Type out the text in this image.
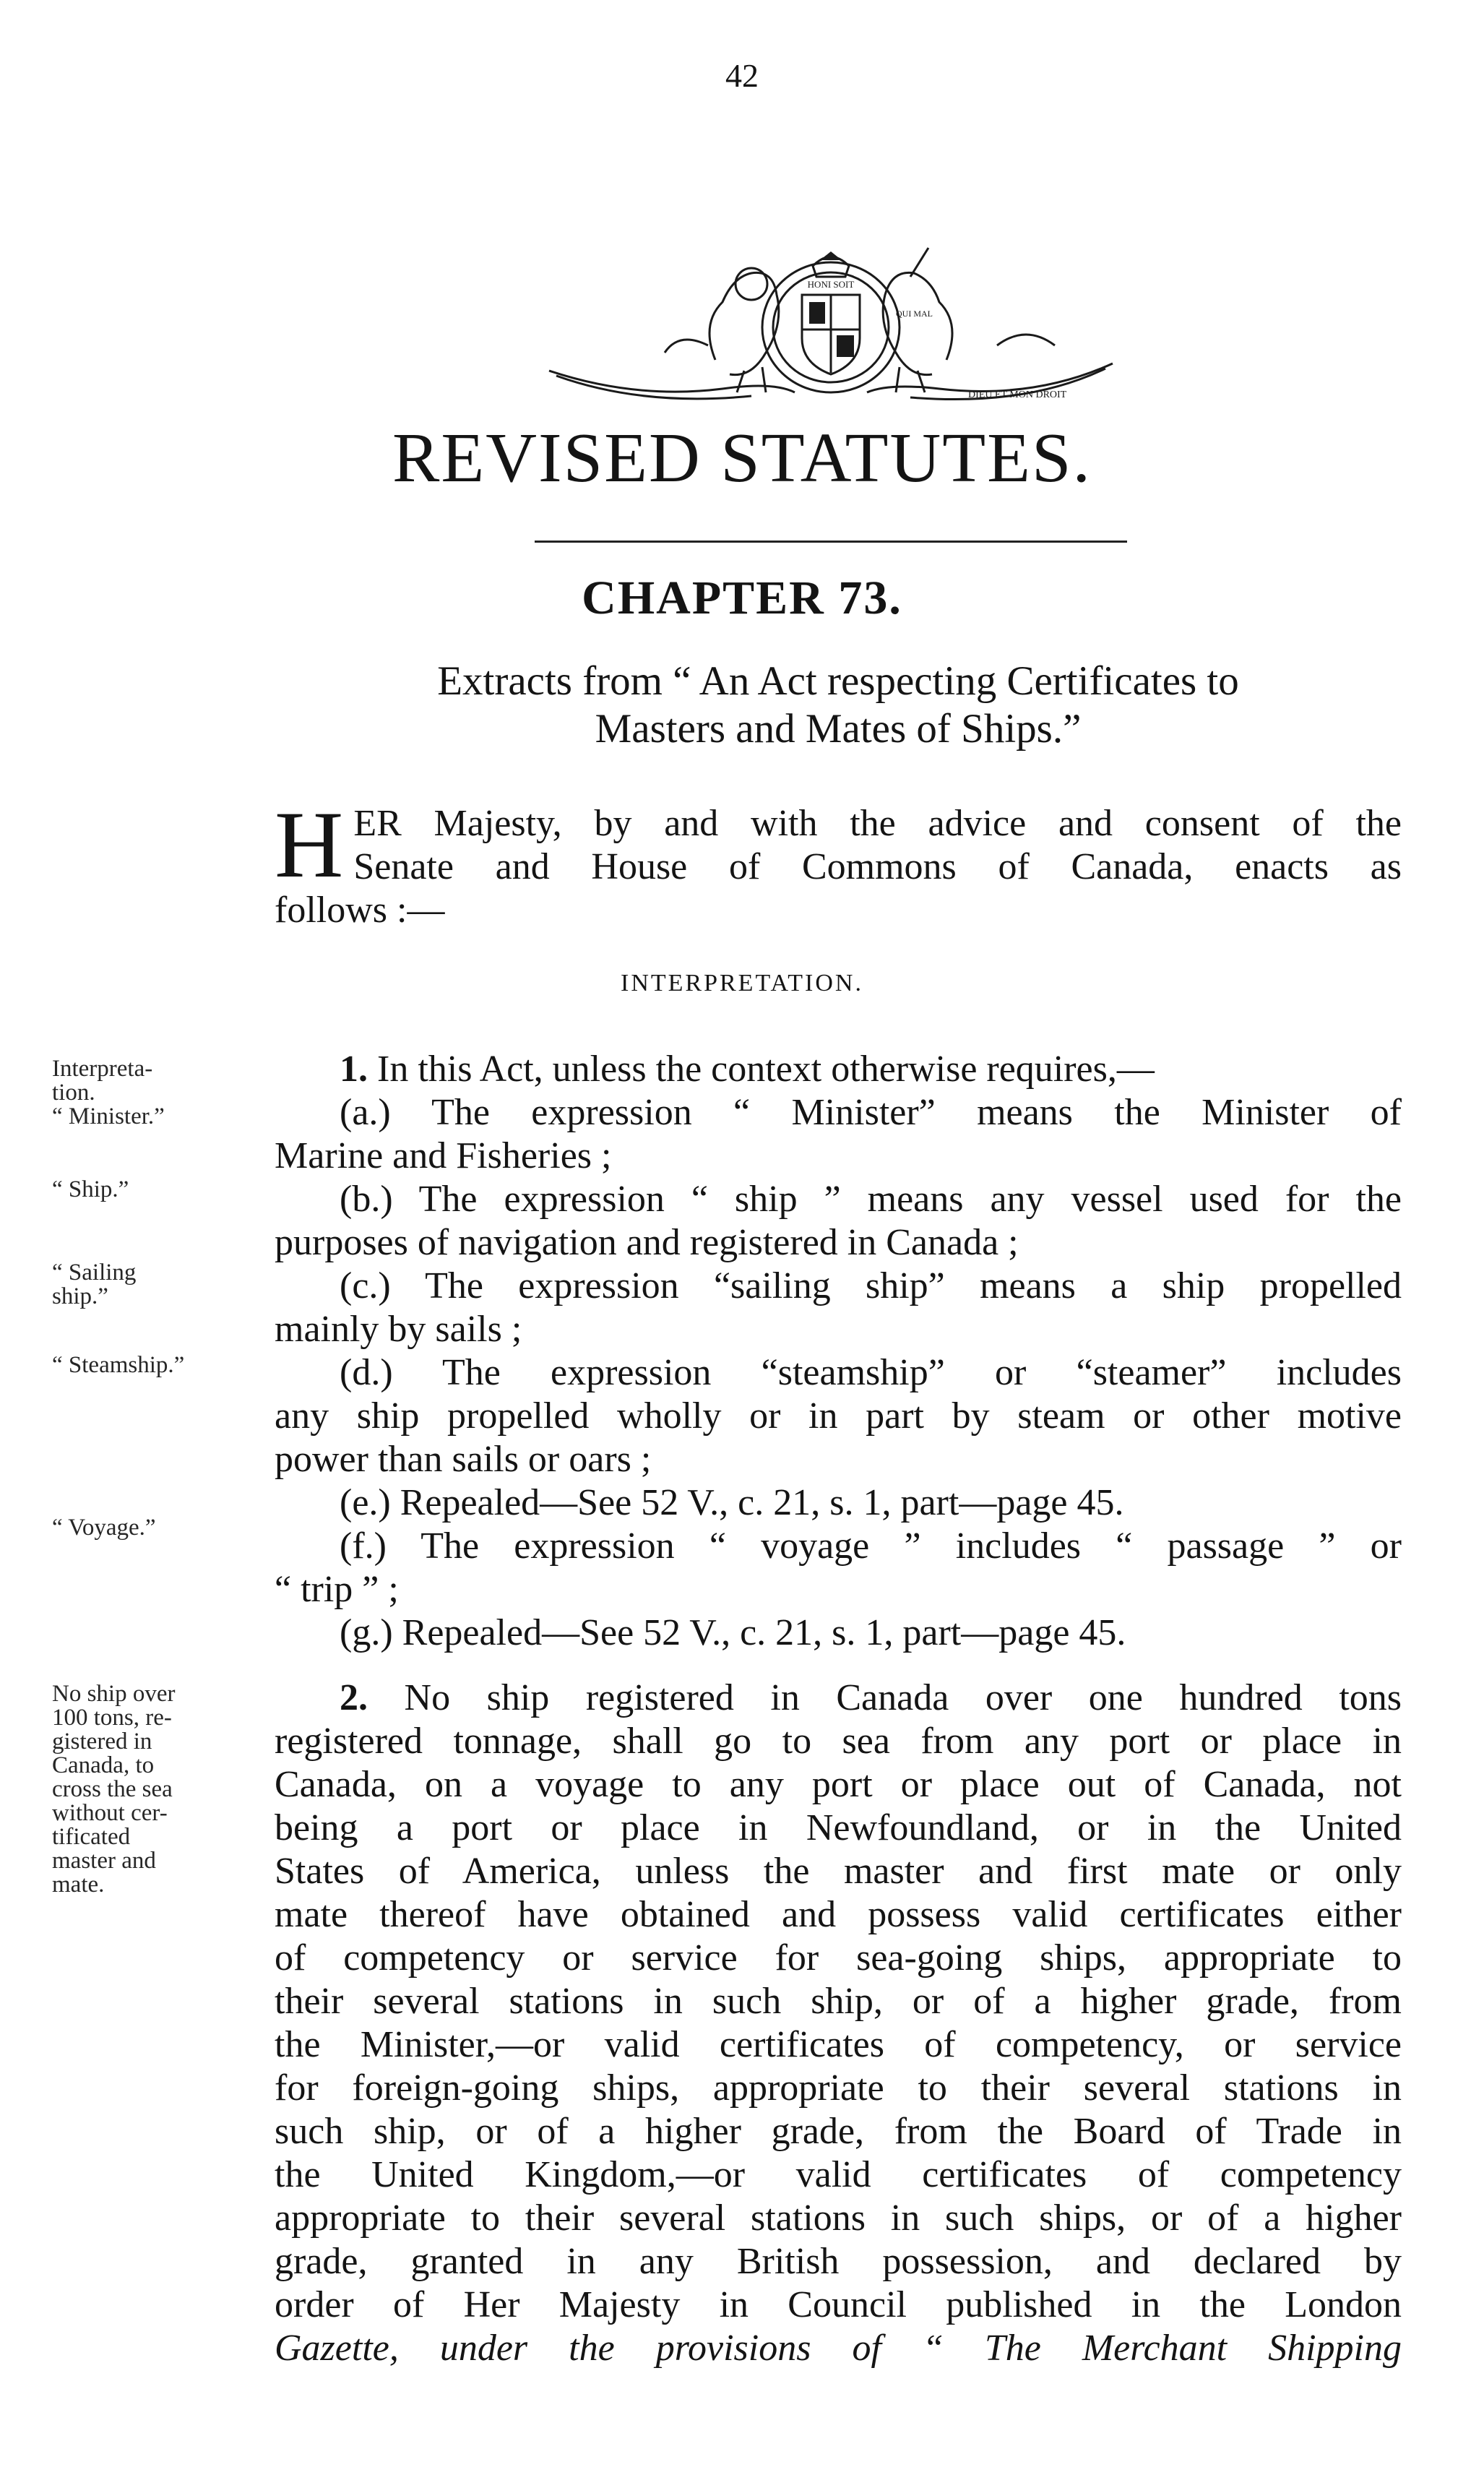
42
HONI SOIT
QUI MAL
DIEU ET MON DROIT
REVISED STATUTES.
CHAPTER 73.
Extracts from “ An Act respecting Certificates to
Masters and Mates of Ships.”
H ER Majesty, by and with the advice and consent of the
Senate and House of Commons of Canada, enacts as
follows :—
INTERPRETATION.
Interpreta-
tion.
“ Minister.”
“ Ship.”
“ Sailing
ship.”
“ Steamship.”
“ Voyage.”
No ship over
100 tons, re-
gistered in
Canada, to
cross the sea
without cer-
tificated
master and
mate.
1. In this Act, unless the context otherwise requires,—
(a.) The expression “ Minister” means the Minister of
Marine and Fisheries ;
(b.) The expression “ ship ” means any vessel used for the
purposes of navigation and registered in Canada ;
(c.) The expression “sailing ship” means a ship propelled
mainly by sails ;
(d.) The expression “steamship” or “steamer” includes
any ship propelled wholly or in part by steam or other motive
power than sails or oars ;
(e.) Repealed—See 52 V., c. 21, s. 1, part—page 45.
(f.) The expression “ voyage ” includes “ passage ” or
“ trip ” ;
(g.) Repealed—See 52 V., c. 21, s. 1, part—page 45.
2. No ship registered in Canada over one hundred tons
registered tonnage, shall go to sea from any port or place in
Canada, on a voyage to any port or place out of Canada, not
being a port or place in Newfoundland, or in the United
States of America, unless the master and first mate or only
mate thereof have obtained and possess valid certificates either
of competency or service for sea-going ships, appropriate to
their several stations in such ship, or of a higher grade, from
the Minister,—or valid certificates of competency, or service
for foreign-going ships, appropriate to their several stations in
such ship, or of a higher grade, from the Board of Trade in
the United Kingdom,—or valid certificates of competency
appropriate to their several stations in such ships, or of a higher
grade, granted in any British possession, and declared by
order of Her Majesty in Council published in the London
Gazette, under the provisions of “ The Merchant Shipping
